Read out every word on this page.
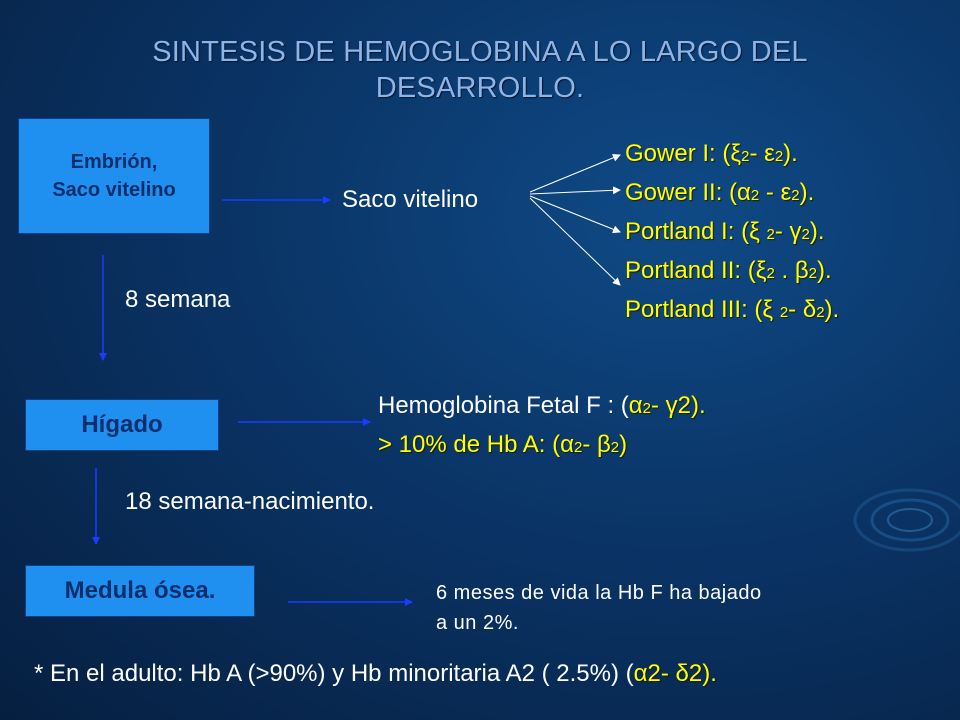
SINTESIS DE HEMOGLOBINA A LO LARGO DEL
DESARROLLO.
Embrión,
Saco vitelino	Saco vitelino
Gower I: (ξ2- ε2).
Gower II: (α2 - ε2).
Portland I: (ξ 2- γ2).
Portland II: (ξ2 . β2).
Portland III: (ξ 2- δ2).
8 semana
Hígado
Hemoglobina Fetal F : (α2- γ2).
> 10% de Hb A: (α2- β2)
18 semana-nacimiento.
Medula ósea.	6 meses de vida la Hb F ha bajado
a un 2%.
* En el adulto: Hb A (>90%) y Hb minoritaria A2 ( 2.5%) (α2- δ2).
